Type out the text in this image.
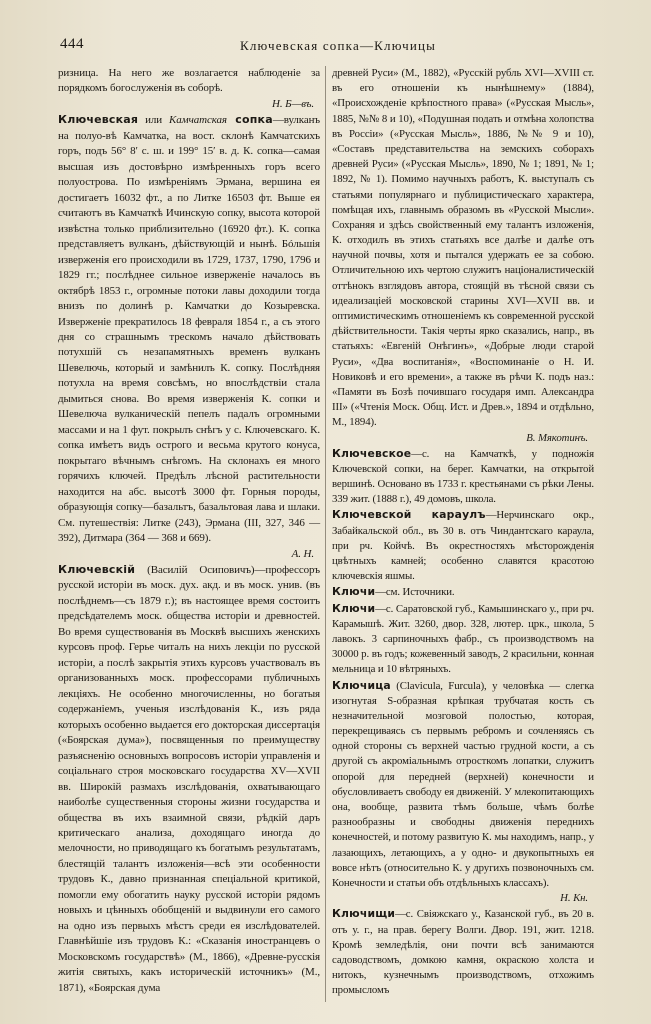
444	Ключевская сопка—Ключицы

ризница. На него же возлагается наблюденіе за порядкомъ богослуженія въ соборѣ.

Н. Б—въ.

Ключевская или Камчатская сопка—вулканъ на полуо-вѣ Камчатка, на вост. склонѣ Камчатскихъ горъ, подъ 56° 8′ с. ш. и 199° 15′ в. д. К. сопка—самая высшая изъ достовѣрно измѣренныхъ горъ всего полуострова. По измѣреніямъ Эрмана, вершина ея достигаетъ 16032 фт., а по Литке 16503 фт. Выше ея считаютъ въ Камчаткѣ Ичинскую сопку, высота которой извѣстна только приблизительно (16920 фт.). К. сопка представляетъ вулканъ, дѣйствующій и нынѣ. Бóльшія изверженія его происходили въ 1729, 1737, 1790, 1796 и 1829 гг.; послѣднее сильное изверженіе началось въ октябрѣ 1853 г., огромные потоки лавы доходили тогда внизъ по долинѣ р. Камчатки до Козыревска. Изверженіе прекратилось 18 февраля 1854 г., а съ этого дня со страшнымъ трескомъ начало дѣйствовать потухшій съ незапамятныхъ временъ вулканъ Шевелючь, который и замѣнилъ К. сопку. Послѣдняя потухла на время совсѣмъ, но впослѣдствіи стала дымиться снова. Во время изверженія К. сопки и Шевелюча вулканическій пепелъ падалъ огромными массами и на 1 фут. покрылъ снѣгъ у с. Ключевскаго. К. сопка имѣетъ видъ острого и весьма крутого конуса, покрытаго вѣчнымъ снѣгомъ. На склонахъ ея много горячихъ ключей. Предѣлъ лѣсной растительности находится на абс. высотѣ 3000 фт. Горныя породы, образующія сопку—базальтъ, базальтовая лава и шлаки. См. путешествія: Литке (243), Эрмана (III, 327, 346 — 392), Дитмара (364 — 368 и 669).

А. Н.

Ключевскій (Василій Осиповичъ)—профессоръ русской исторіи въ моск. дух. акд. и въ моск. унив. (въ послѣднемъ—съ 1879 г.); въ настоящее время состоитъ предсѣдателемъ моск. общества исторіи и древностей. Во время существованія въ Москвѣ высшихъ женскихъ курсовъ проф. Герье читалъ на нихъ лекціи по русской исторіи, а послѣ закрытія этихъ курсовъ участвовалъ въ организованныхъ моск. профессорами публичныхъ лекціяхъ. Не особенно многочисленны, но богатыя содержаніемъ, ученыя изслѣдованія К., изъ ряда которыхъ особенно выдается его докторская диссертація («Боярская дума»), посвященныя по преимуществу разъясненію основныхъ вопросовъ исторіи управленія и соціальнаго строя московскаго государства XV—XVII вв. Широкій размахъ изслѣдованія, охватывающаго наиболѣе существенныя стороны жизни государства и общества въ ихъ взаимной связи, рѣдкій даръ критическаго анализа, доходящаго иногда до мелочности, но приводящаго къ богатымъ результатамъ, блестящій талантъ изложенія—всѣ эти особенности трудовъ К., давно признанная спеціальной критикой, помогли ему обогатить науку русской исторіи рядомъ новыхъ и цѣнныхъ обобщеній и выдвинули его самого на одно изъ первыхъ мѣстъ среди ея изслѣдователей. Главнѣйшіе изъ трудовъ К.: «Сказанія иностранцевъ о Московскомъ государствѣ» (М., 1866), «Древне-русскія житія святыхъ, какъ историческій источникъ» (М., 1871), «Боярская дума

древней Руси» (М., 1882), «Русскій рубль XVI—XVIII ст. въ его отношеніи къ нынѣшнему» (1884), «Происхожденіе крѣпостного права» («Русская Мысль», 1885, №№ 8 и 10), «Подушная подать и отмѣна холопства въ Россіи» («Русская Мысль», 1886, №№ 9 и 10), «Составъ представительства на земскихъ соборахъ древней Руси» («Русская Мысль», 1890, № 1; 1891, № 1; 1892, № 1). Помимо научныхъ работъ, К. выступалъ съ статьями популярнаго и публицистическаго характера, помѣщая ихъ, главнымъ образомъ въ «Русской Мысли». Сохраняя и здѣсь свойственный ему талантъ изложенія, К. отходилъ въ этихъ статьяхъ все далѣе и далѣе отъ научной почвы, хотя и пытался удержать ее за собою. Отличительною ихъ чертою служитъ націоналистическій оттѣнокъ взглядовъ автора, стоящій въ тѣсной связи съ идеализаціей московской старины XVI—XVII вв. и оптимистическимъ отношеніемъ къ современной русской дѣйствительности. Такія черты ярко сказались, напр., въ статьяхъ: «Евгеній Онѣгинъ», «Добрые люди старой Руси», «Два воспитанія», «Воспоминаніе о Н. И. Новиковѣ и его времени», а также въ рѣчи К. подъ наз.: «Памяти въ Бозѣ почившаго государя имп. Александра III» («Чтенія Моск. Общ. Ист. и Древ.», 1894 и отдѣльно, М., 1894).

В. Мякотинъ.

Ключевское—с. на Камчаткѣ, у подножія Ключевской сопки, на берег. Камчатки, на открытой вершинѣ. Основано въ 1733 г. крестьянами съ рѣки Лены. 339 жит. (1888 г.), 49 домовъ, школа.

Ключевской караулъ—Нерчинскаго окр., Забайкальской обл., въ 30 в. отъ Чиндантскаго караула, при рч. Койчѣ. Въ окрестностяхъ мѣсторожденія цвѣтныхъ камней; особенно славятся красотою ключевскія яшмы.

Ключи—см. Источники.

Ключи—с. Саратовской губ., Камышинскаго у., при рч. Карамышѣ. Жит. 3260, двор. 328, лютер. црк., школа, 5 лавокъ. 3 сарпиночныхъ фабр., съ производствомъ на 30000 р. въ годъ; кожевенный заводъ, 2 красильни, конная мельница и 10 вѣтряныхъ.

Ключица (Clavicula, Furcula), у человѣка — слегка изогнутая S-образная крѣпкая трубчатая кость съ незначительной мозговой полостью, которая, перекрещиваясь съ первымъ ребромъ и сочленяясь съ одной стороны съ верхней частью грудной кости, а съ другой съ акроміальнымъ отросткомъ лопатки, служитъ опорой для передней (верхней) конечности и обусловливаетъ свободу ея движеній. У млекопитающихъ она, вообще, развита тѣмъ больше, чѣмъ болѣе разнообразны и свободны движенія переднихъ конечностей, и потому развитую К. мы находимъ, напр., у лазающихъ, летающихъ, а у одно- и двукопытныхъ ея вовсе нѣтъ (относительно К. у другихъ позвоночныхъ см. Конечности и статьи объ отдѣльныхъ классахъ).

Н. Кн.

Ключищи—с. Свіяжскаго у., Казанской губ., въ 20 в. отъ у. г., на прав. берегу Волги. Двор. 191, жит. 1218. Кромѣ земледѣлія, они почти всѣ занимаются садоводствомъ, домкою камня, окраскою холста и нитокъ, кузнечнымъ производствомъ, отхожимъ промысломъ
